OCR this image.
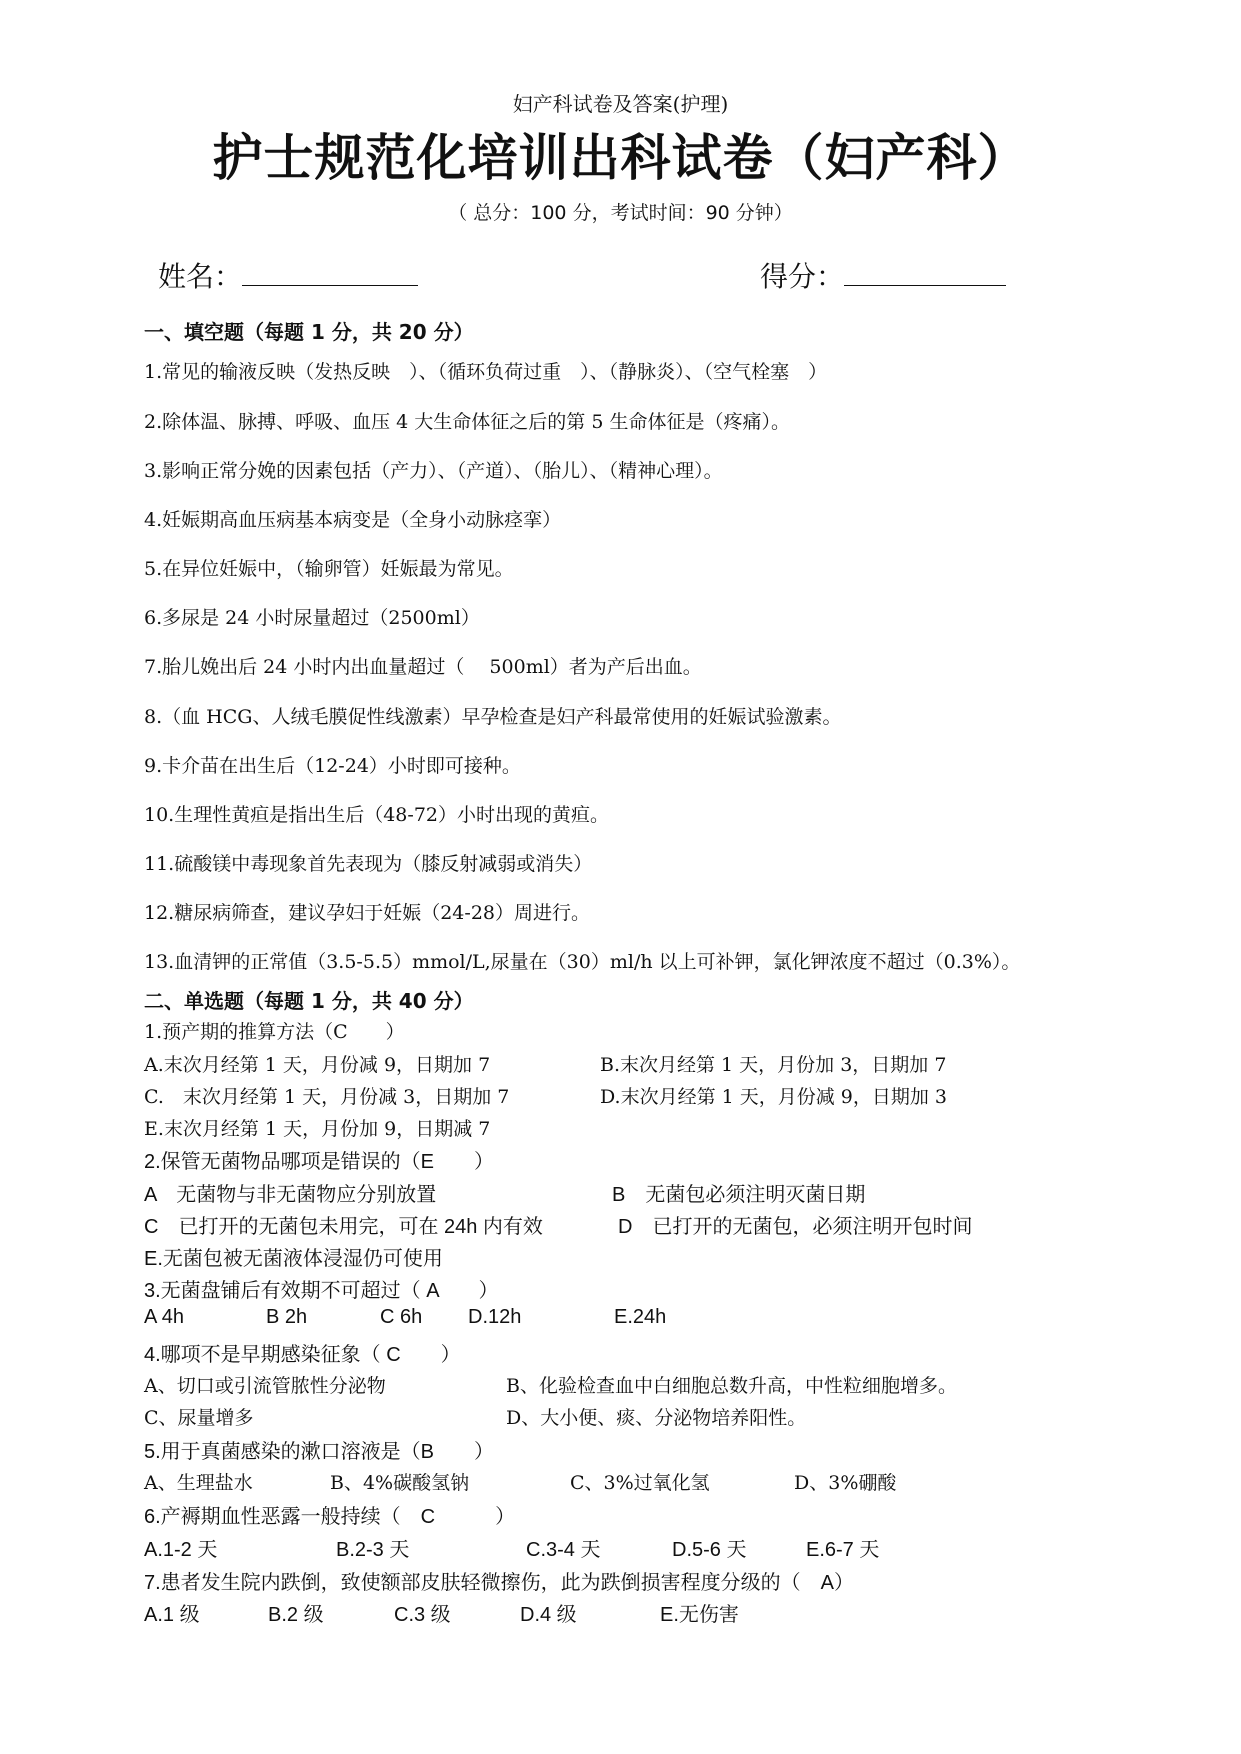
妇产科试卷及答案(护理)
护士规范化培训出科试卷（妇产科）
（ 总分：100 分，考试时间：90 分钟）
姓名：	得分：
一、填空题（每题 1 分，共 20 分）
1.常见的输液反映（发热反映　）、（循环负荷过重　）、（静脉炎）、（空气栓塞　）
2.除体温、脉搏、呼吸、血压 4 大生命体征之后的第 5 生命体征是（疼痛）。
3.影响正常分娩的因素包括（产力）、（产道）、（胎儿）、（精神心理）。
4.妊娠期高血压病基本病变是（全身小动脉痉挛）
5.在异位妊娠中，（输卵管）妊娠最为常见。
6.多尿是 24 小时尿量超过（2500ml）
7.胎儿娩出后 24 小时内出血量超过（　 500ml）者为产后出血。
8.（血 HCG、人绒毛膜促性线激素）早孕检查是妇产科最常使用的妊娠试验激素。
9.卡介苗在出生后（12-24）小时即可接种。
10.生理性黄疸是指出生后（48-72）小时出现的黄疸。
11.硫酸镁中毒现象首先表现为（膝反射减弱或消失）
12.糖尿病筛查，建议孕妇于妊娠（24-28）周进行。
13.血清钾的正常值（3.5-5.5）mmol/L,尿量在（30）ml/h 以上可补钾，氯化钾浓度不超过（0.3%）。
二、单选题（每题 1 分，共 40 分）
1.预产期的推算方法（C　　）
A.末次月经第 1 天，月份减 9，日期加 7	B.末次月经第 1 天，月份加 3，日期加 7
C.　末次月经第 1 天，月份减 3，日期加 7	D.末次月经第 1 天，月份减 9，日期加 3
E.末次月经第 1 天，月份加 9，日期减 7
2.保管无菌物品哪项是错误的（E　　）
A　无菌物与非无菌物应分别放置	B　无菌包必须注明灭菌日期
C　已打开的无菌包未用完，可在 24h 内有效	D　已打开的无菌包，必须注明开包时间
E.无菌包被无菌液体浸湿仍可使用
3.无菌盘铺后有效期不可超过（ A　　）
A 4h	B 2h	C 6h D.12h	E.24h
4.哪项不是早期感染征象（ C　　）
A、切口或引流管脓性分泌物	B、化验检查血中白细胞总数升高，中性粒细胞增多。
C、尿量增多	D、大小便、痰、分泌物培养阳性。
5.用于真菌感染的漱口溶液是（B　　）
A、生理盐水	B、4%碳酸氢钠	C、3%过氧化氢	D、3%硼酸
6.产褥期血性恶露一般持续（　C　　　）
A.1-2 天	B.2-3 天	C.3-4 天	D.5-6 天	E.6-7 天
7.患者发生院内跌倒，致使额部皮肤轻微擦伤，此为跌倒损害程度分级的（　A）
A.1 级	B.2 级	C.3 级	D.4 级	E.无伤害
